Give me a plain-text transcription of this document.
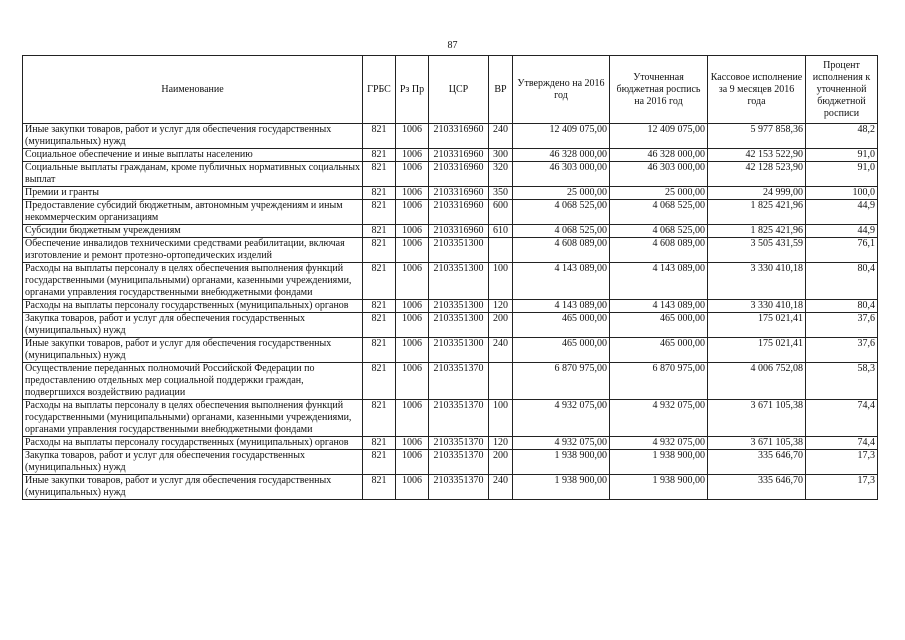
87
Наименование	ГРБС	Рз Пр	ЦСР	ВР	Утверждено на 2016 год	Уточненная бюджетная роспись на 2016 год	Кассовое исполнение за 9 месяцев 2016 года	Процент исполнения к уточненной бюджетной росписи
Иные закупки товаров, работ и услуг для обеспечения государственных (муниципальных) нужд	821	1006	2103316960	240	12 409 075,00	12 409 075,00	5 977 858,36	48,2
Социальное обеспечение и иные выплаты населению	821	1006	2103316960	300	46 328 000,00	46 328 000,00	42 153 522,90	91,0
Социальные выплаты гражданам, кроме публичных нормативных социальных выплат	821	1006	2103316960	320	46 303 000,00	46 303 000,00	42 128 523,90	91,0
Премии и гранты	821	1006	2103316960	350	25 000,00	25 000,00	24 999,00	100,0
Предоставление субсидий бюджетным, автономным учреждениям и иным некоммерческим организациям	821	1006	2103316960	600	4 068 525,00	4 068 525,00	1 825 421,96	44,9
Субсидии бюджетным учреждениям	821	1006	2103316960	610	4 068 525,00	4 068 525,00	1 825 421,96	44,9
Обеспечение инвалидов техническими средствами реабилитации, включая изготовление и ремонт протезно-ортопедических изделий	821	1006	2103351300		4 608 089,00	4 608 089,00	3 505 431,59	76,1
Расходы на выплаты персоналу в целях обеспечения выполнения функций государственными (муниципальными) органами, казенными учреждениями, органами управления государственными внебюджетными фондами	821	1006	2103351300	100	4 143 089,00	4 143 089,00	3 330 410,18	80,4
Расходы на выплаты персоналу государственных (муниципальных) органов	821	1006	2103351300	120	4 143 089,00	4 143 089,00	3 330 410,18	80,4
Закупка товаров, работ и услуг для обеспечения государственных (муниципальных) нужд	821	1006	2103351300	200	465 000,00	465 000,00	175 021,41	37,6
Иные закупки товаров, работ и услуг для обеспечения государственных (муниципальных) нужд	821	1006	2103351300	240	465 000,00	465 000,00	175 021,41	37,6
Осуществление переданных полномочий Российской Федерации по предоставлению отдельных мер социальной поддержки граждан, подвергшихся воздействию радиации	821	1006	2103351370		6 870 975,00	6 870 975,00	4 006 752,08	58,3
Расходы на выплаты персоналу в целях обеспечения выполнения функций государственными (муниципальными) органами, казенными учреждениями, органами управления государственными внебюджетными фондами	821	1006	2103351370	100	4 932 075,00	4 932 075,00	3 671 105,38	74,4
Расходы на выплаты персоналу государственных (муниципальных) органов	821	1006	2103351370	120	4 932 075,00	4 932 075,00	3 671 105,38	74,4
Закупка товаров, работ и услуг для обеспечения государственных (муниципальных) нужд	821	1006	2103351370	200	1 938 900,00	1 938 900,00	335 646,70	17,3
Иные закупки товаров, работ и услуг для обеспечения государственных (муниципальных) нужд	821	1006	2103351370	240	1 938 900,00	1 938 900,00	335 646,70	17,3
